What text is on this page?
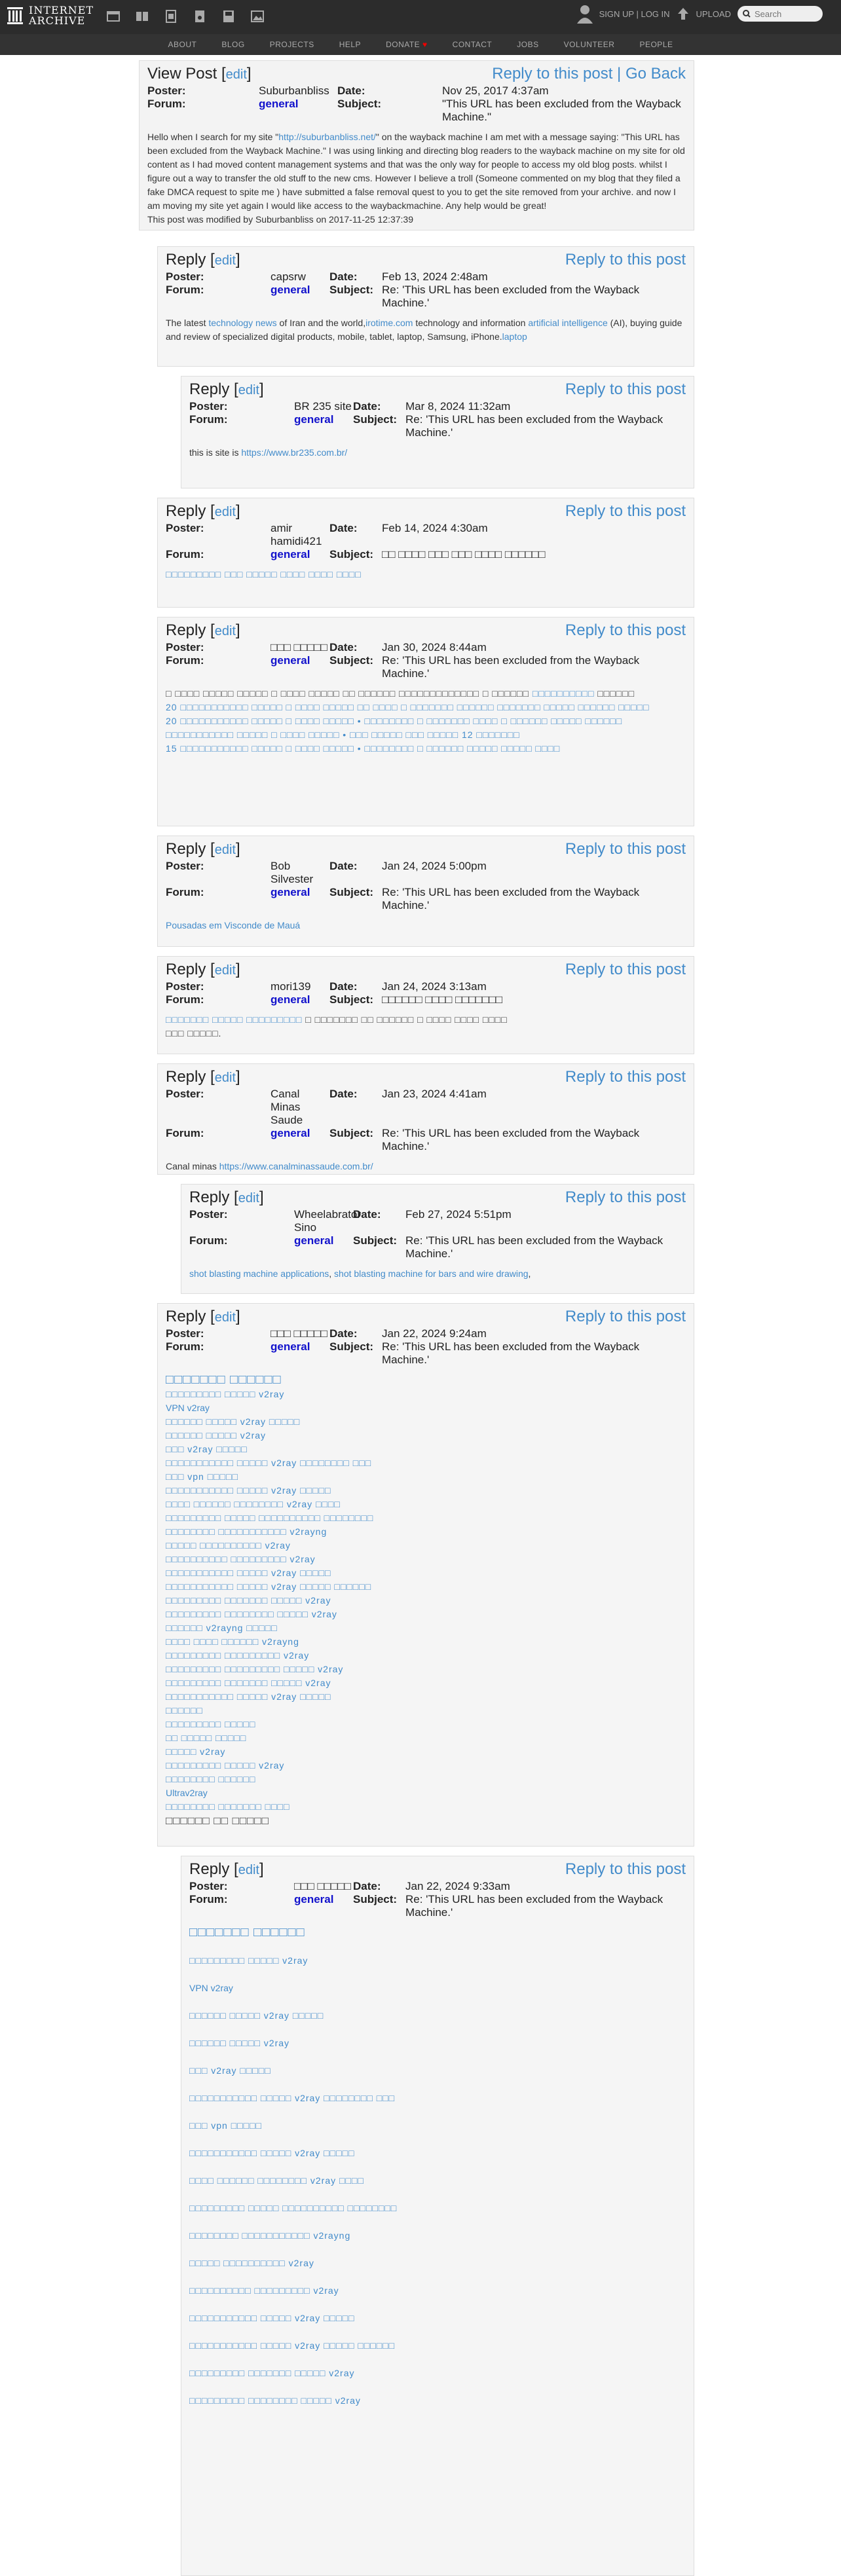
INTERNET
ARCHIVE
SIGN UP | LOG IN	UPLOAD
Search
ABOUT	BLOG	PROJECTS	HELP	DONATE ♥	CONTACT	JOBS	VOLUNTEER	PEOPLE
View Post [edit]	Reply to this post | Go Back
Poster:	Suburbanbliss Date:	Nov 25, 2017 4:37am
Forum:	general	Subject:	"This URL has been excluded from the Wayback Machine."
Hello when I search for my site "http://suburbanbliss.net/" on the wayback machine I am met with a message saying: "This URL has been excluded from the Wayback Machine." I was using linking and directing blog readers to the wayback machine on my site for old content as I had moved content management systems and that was the only way for people to access my old blog posts. whilst I figure out a way to transfer the old stuff to the new cms. However I believe a troll (Someone commented on my blog that they filed a fake DMCA request to spite me ) have submitted a false removal quest to you to get the site removed from your archive. and now I am moving my site yet again I would like access to the waybackmachine. Any help would be great!
This post was modified by Suburbanbliss on 2017-11-25 12:37:39
Reply [edit]	Reply to this post
Poster:	capsrw	Date:	Feb 13, 2024 2:48am
Forum:	general	Subject: Re: 'This URL has been excluded from the Wayback Machine.'
The latest technology news of Iran and the world,irotime.com technology and information artificial intelligence (AI), buying guide and review of specialized digital products, mobile, tablet, laptop, Samsung, iPhone.laptop
Reply [edit]	Reply to this post
Poster:	BR 235 site Date:	Mar 8, 2024 11:32am
Forum:	general	Subject: Re: 'This URL has been excluded from the Wayback Machine.'
this is site is https://www.br235.com.br/
Reply [edit]	Reply to this post
Poster:	amir hamidi421
Date:	Feb 14, 2024 4:30am
Forum:	general	Subject: □□ □□□□ □□□ □□□ □□□□ □□□□□□
□□□□□□□□□ □□□ □□□□□ □□□□ □□□□ □□□□
Reply [edit]	Reply to this post
Poster:	□□□ □□□□□ Date:	Jan 30, 2024 8:44am
Forum:	general	Subject: Re: 'This URL has been excluded from the Wayback Machine.'
□ □□□□ □□□□□ □□□□□ □ □□□□ □□□□□ □□ □□□□□□ □□□□□□□□□□□□□ □ □□□□□□ □□□□□□□□□□ □□□□□□
20 □□□□□□□□□□□ □□□□□ □ □□□□ □□□□□ □□ □□□□ □ □□□□□□□ □□□□□□ □□□□□□□ □□□□□ □□□□□□ □□□□□
20 □□□□□□□□□□□ □□□□□ □ □□□□ □□□□□ • □□□□□□□□ □ □□□□□□□ □□□□ □ □□□□□□ □□□□□ □□□□□□
□□□□□□□□□□□ □□□□□ □ □□□□ □□□□□ • □□□ □□□□□ □□□ □□□□□ 12 □□□□□□□
15 □□□□□□□□□□□ □□□□□ □ □□□□ □□□□□ • □□□□□□□□ □ □□□□□□ □□□□□ □□□□□ □□□□
Reply [edit]	Reply to this post
Poster:	Bob Silvester
Date:	Jan 24, 2024 5:00pm
Forum:	general	Subject: Re: 'This URL has been excluded from the Wayback Machine.'
Pousadas em Visconde de Mauá
Reply [edit]	Reply to this post
Poster:	mori139	Date:	Jan 24, 2024 3:13am
Forum:	general	Subject: □□□□□□ □□□□ □□□□□□□
□□□□□□□ □□□□□ □□□□□□□□□ □ □□□□□□□ □□ □□□□□□ □ □□□□ □□□□ □□□□
□□□ □□□□□.
Reply [edit]	Reply to this post
Poster:	Canal Minas Saude
Date:	Jan 23, 2024 4:41am
Forum:	general	Subject: Re: 'This URL has been excluded from the Wayback Machine.'
Canal minas https://www.canalminassaude.com.br/
Reply [edit]	Reply to this post
Poster:	Wheelabrator Sino
Date:	Feb 27, 2024 5:51pm
Forum:	general	Subject: Re: 'This URL has been excluded from the Wayback Machine.'
shot blasting machine applications, shot blasting machine for bars and wire drawing,
Reply [edit]	Reply to this post
Poster:	□□□ □□□□□ Date:	Jan 22, 2024 9:24am
Forum:	general	Subject: Re: 'This URL has been excluded from the Wayback Machine.'
□□□□□□□ □□□□□□
□□□□□□□□□ □□□□□ v2ray
VPN v2ray
□□□□□□ □□□□□ v2ray □□□□□
□□□□□□ □□□□□ v2ray
□□□ v2ray □□□□□
□□□□□□□□□□□ □□□□□ v2ray □□□□□□□□ □□□
□□□ vpn □□□□□
□□□□□□□□□□□ □□□□□ v2ray □□□□□
□□□□ □□□□□□ □□□□□□□□ v2ray □□□□
□□□□□□□□□ □□□□□ □□□□□□□□□□ □□□□□□□□
□□□□□□□□ □□□□□□□□□□□ v2rayng
□□□□□ □□□□□□□□□□ v2ray
□□□□□□□□□□ □□□□□□□□□ v2ray
□□□□□□□□□□□ □□□□□ v2ray □□□□□
□□□□□□□□□□□ □□□□□ v2ray □□□□□ □□□□□□
□□□□□□□□□ □□□□□□□ □□□□□ v2ray
□□□□□□□□□ □□□□□□□□ □□□□□ v2ray
□□□□□□ v2rayng □□□□□
□□□□ □□□□ □□□□□□ v2rayng
□□□□□□□□□ □□□□□□□□□ v2ray
□□□□□□□□□ □□□□□□□□□ □□□□□ v2ray
□□□□□□□□□ □□□□□□□ □□□□□ v2ray
□□□□□□□□□□□ □□□□□ v2ray □□□□□
□□□□□□
□□□□□□□□□ □□□□□
□□ □□□□□ □□□□□
□□□□□ v2ray
□□□□□□□□□ □□□□□ v2ray
□□□□□□□□ □□□□□□
Ultrav2ray
□□□□□□□□ □□□□□□□ □□□□
□□□□□□ □□ □□□□□
Reply [edit]	Reply to this post
Poster:	□□□ □□□□□ Date:	Jan 22, 2024 9:33am
Forum:	general	Subject: Re: 'This URL has been excluded from the Wayback Machine.'
□□□□□□□ □□□□□□

□□□□□□□□□ □□□□□ v2ray

VPN v2ray

□□□□□□ □□□□□ v2ray □□□□□

□□□□□□ □□□□□ v2ray

□□□ v2ray □□□□□

□□□□□□□□□□□ □□□□□ v2ray □□□□□□□□ □□□

□□□ vpn □□□□□

□□□□□□□□□□□ □□□□□ v2ray □□□□□

□□□□ □□□□□□ □□□□□□□□ v2ray □□□□

□□□□□□□□□ □□□□□ □□□□□□□□□□ □□□□□□□□

□□□□□□□□ □□□□□□□□□□□ v2rayng

□□□□□ □□□□□□□□□□ v2ray

□□□□□□□□□□ □□□□□□□□□ v2ray

□□□□□□□□□□□ □□□□□ v2ray □□□□□

□□□□□□□□□□□ □□□□□ v2ray □□□□□ □□□□□□

□□□□□□□□□ □□□□□□□ □□□□□ v2ray

□□□□□□□□□ □□□□□□□□ □□□□□ v2ray
